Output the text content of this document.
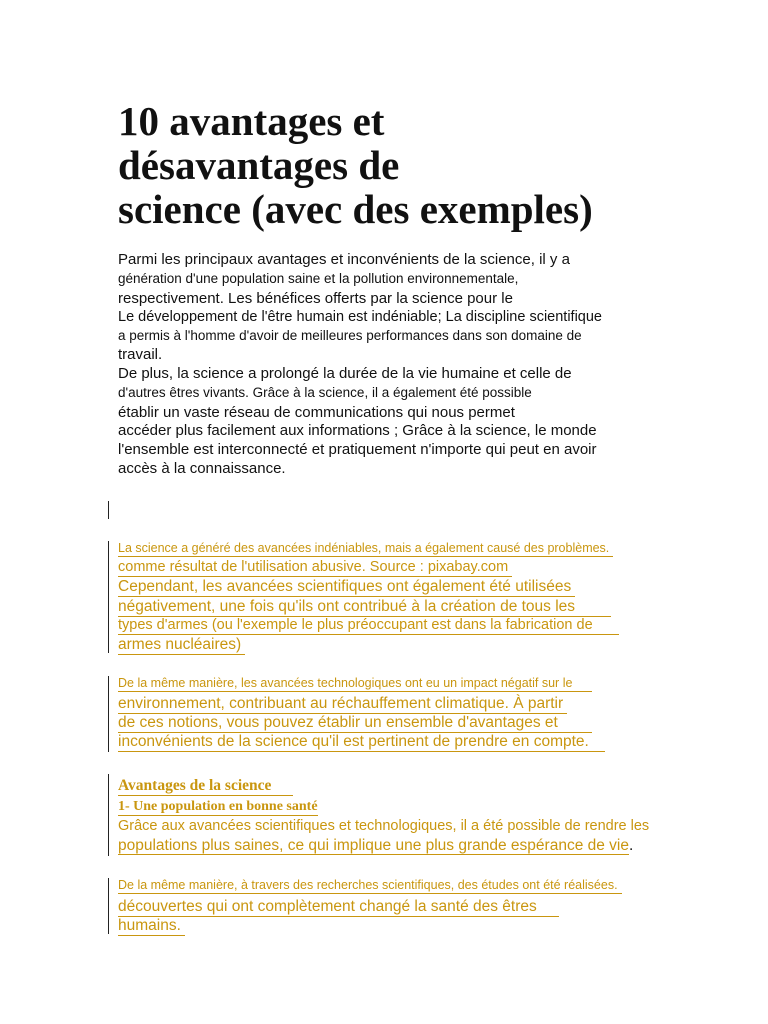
10 avantages et
désavantages de
science (avec des exemples)
Parmi les principaux avantages et inconvénients de la science, il y a
génération d'une population saine et la pollution environnementale,
respectivement. Les bénéfices offerts par la science pour le
Le développement de l'être humain est indéniable; La discipline scientifique
a permis à l'homme d'avoir de meilleures performances dans son domaine de
travail.
De plus, la science a prolongé la durée de la vie humaine et celle de
d'autres êtres vivants. Grâce à la science, il a également été possible
établir un vaste réseau de communications qui nous permet
accéder plus facilement aux informations ; Grâce à la science, le monde
l'ensemble est interconnecté et pratiquement n'importe qui peut en avoir
accès à la connaissance.
La science a généré des avancées indéniables, mais a également causé des problèmes.
comme résultat de l'utilisation abusive. Source : pixabay.com
Cependant, les avancées scientifiques ont également été utilisées
négativement, une fois qu'ils ont contribué à la création de tous les
types d'armes (ou l'exemple le plus préoccupant est dans la fabrication de
armes nucléaires)
De la même manière, les avancées technologiques ont eu un impact négatif sur le
environnement, contribuant au réchauffement climatique. À partir
de ces notions, vous pouvez établir un ensemble d'avantages et
inconvénients de la science qu'il est pertinent de prendre en compte.
Avantages de la science
1- Une population en bonne santé
Grâce aux avancées scientifiques et technologiques, il a été possible de rendre les
populations plus saines, ce qui implique une plus grande espérance de vie.
De la même manière, à travers des recherches scientifiques, des études ont été réalisées.
découvertes qui ont complètement changé la santé des êtres
humains.
